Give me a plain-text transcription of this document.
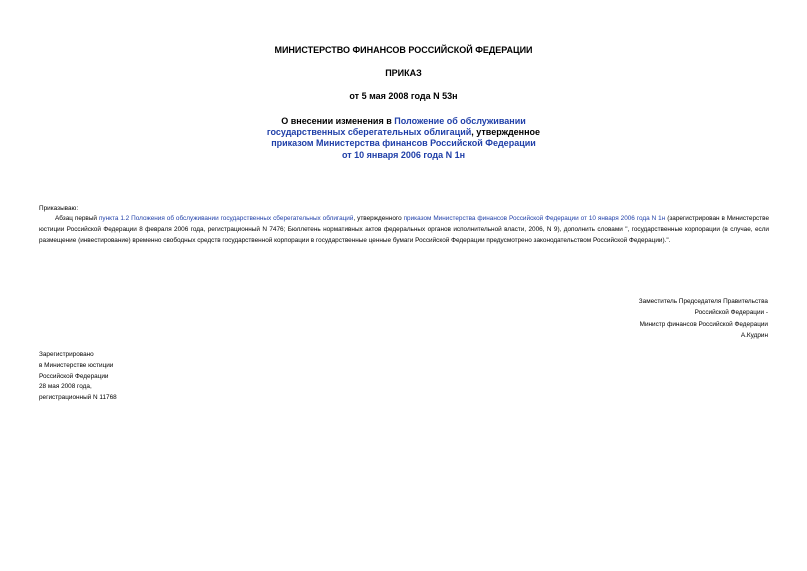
МИНИСТЕРСТВО ФИНАНСОВ РОССИЙСКОЙ ФЕДЕРАЦИИ
ПРИКАЗ
от 5 мая 2008 года N 53н
О внесении изменения в Положение об обслуживании
государственных сберегательных облигаций, утвержденное
приказом Министерства финансов Российской Федерации
от 10 января 2006 года N 1н
Приказываю:
Абзац первый пункта 1.2 Положения об обслуживании государственных сберегательных облигаций, утвержденного приказом Министерства финансов Российской Федерации от 10 января 2006 года N 1н (зарегистрирован в Министерстве юстиции Российской Федерации 8 февраля 2006 года, регистрационный N 7476; Бюллетень нормативных актов федеральных органов исполнительной власти, 2006, N 9), дополнить словами ", государственные корпорации (в случае, если размещение (инвестирование) временно свободных средств государственной корпорации в государственные ценные бумаги Российской Федерации предусмотрено законодательством Российской Федерации).".
Заместитель Председателя Правительства
Российской Федерации -
Министр финансов Российской Федерации
А.Кудрин
Зарегистрировано
в Министерстве юстиции
Российской Федерации
28 мая 2008 года,
регистрационный N 11768
